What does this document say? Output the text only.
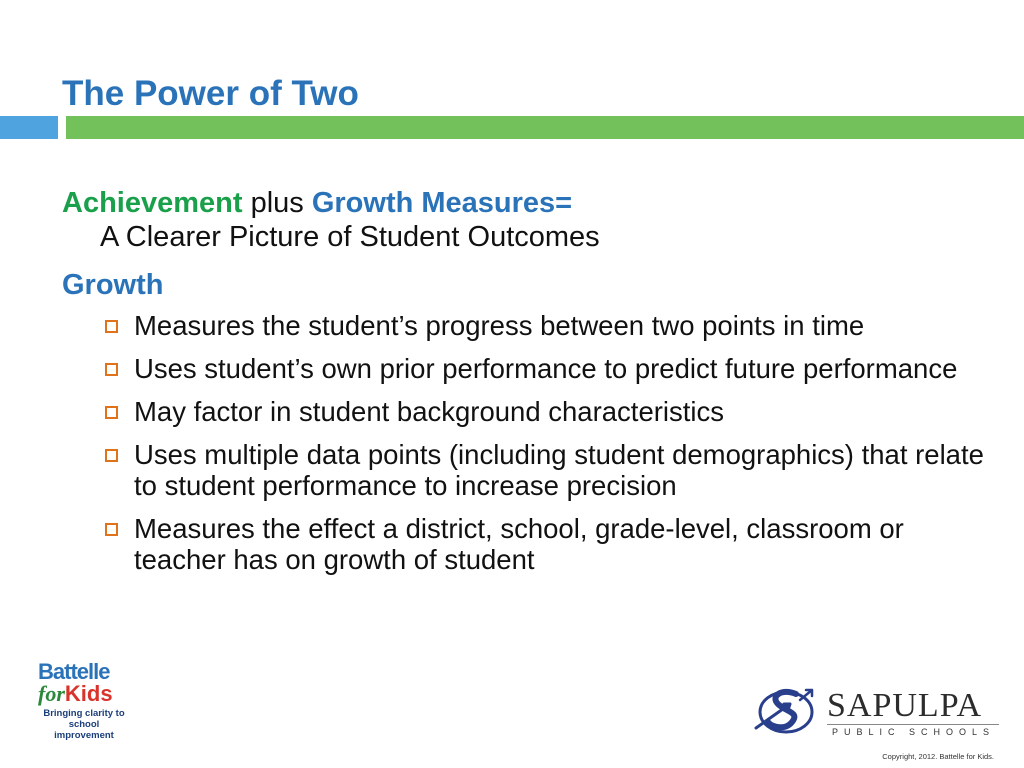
The Power of Two
Achievement plus Growth Measures=
A Clearer Picture of Student Outcomes
Growth
Measures the student’s progress between two points in time
Uses student’s own prior performance to predict future performance
May factor in student background characteristics
Uses multiple data points (including student demographics) that relate to student performance to increase precision
Measures the effect a district, school, grade-level, classroom or teacher has on growth of student
Battelle
forKids
Bringing clarity to school improvement
SAPULPA
PUBLIC SCHOOLS
Copyright, 2012. Battelle for Kids.
